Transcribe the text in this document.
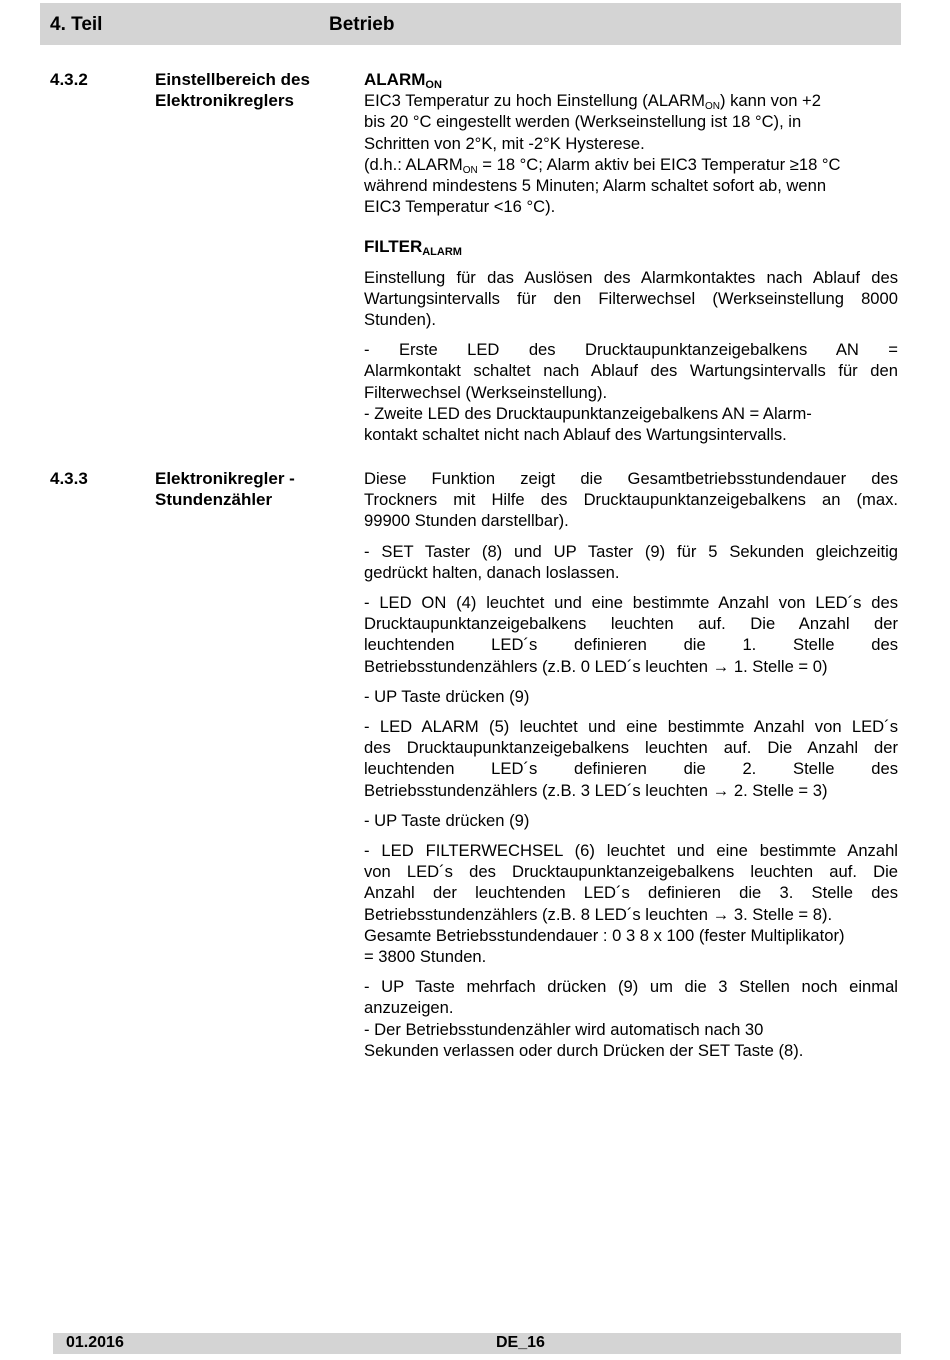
4. Teil	Betrieb
4.3.2	Einstellbereich des
Elektronikreglers

$ALARM_{ON}$

EIC3 Temperatur zu hoch Einstellung $(ALARM_{ON})$ kann von +2

bis 20 °C eingestellt werden (Werkseinstellung ist 18 °C), in

Schritten von 2°K, mit -2°K Hysterese.

(d.h.: $ALARM_{ON} = 18$ °C; Alarm aktiv bei EIC3 Temperatur ≥18 °C

während mindestens 5 Minuten; Alarm schaltet sofort ab, wenn

EIC3 Temperatur <16 °C).

$FILTER_{ALARM}$

Einstellung für das Auslösen des Alarmkontaktes nach Ablauf des

Wartungsintervalls für den Filterwechsel (Werkseinstellung 8000

Stunden).

- Erste LED des Drucktaupunktanzeigebalkens AN =

Alarmkontakt schaltet nach Ablauf des Wartungsintervalls für den

Filterwechsel (Werkseinstellung).

- Zweite LED des Drucktaupunktanzeigebalkens AN = Alarm-

kontakt schaltet nicht nach Ablauf des Wartungsintervalls.

4.3.3	Elektronikregler -
Stundenzähler

Diese Funktion zeigt die Gesamtbetriebsstundendauer des

Trockners mit Hilfe des Drucktaupunktanzeigebalkens an (max.

99900 Stunden darstellbar).

- SET Taster (8) und UP Taster (9) für 5 Sekunden gleichzeitig

gedrückt halten, danach loslassen.

- LED ON (4) leuchtet und eine bestimmte Anzahl von LED´s des

Drucktaupunktanzeigebalkens leuchten auf. Die Anzahl der

leuchtenden LED´s definieren die 1. Stelle des

Betriebsstundenzählers (z.B. 0 LED´s leuchten → 1. Stelle = 0)

- UP Taste drücken (9)

- LED ALARM (5) leuchtet und eine bestimmte Anzahl von LED´s

des Drucktaupunktanzeigebalkens leuchten auf. Die Anzahl der

leuchtenden LED´s definieren die 2. Stelle des

Betriebsstundenzählers (z.B. 3 LED´s leuchten → 2. Stelle = 3)

- UP Taste drücken (9)

- LED FILTERWECHSEL (6) leuchtet und eine bestimmte Anzahl

von LED´s des Drucktaupunktanzeigebalkens leuchten auf. Die

Anzahl der leuchtenden LED´s definieren die 3. Stelle des

Betriebsstundenzählers (z.B. 8 LED´s leuchten → 3. Stelle = 8).

Gesamte Betriebsstundendauer : 0 3 8 x 100 (fester Multiplikator)

= 3800 Stunden.

- UP Taste mehrfach drücken (9) um die 3 Stellen noch einmal

anzuzeigen.

- Der Betriebsstundenzähler wird automatisch nach 30

Sekunden verlassen oder durch Drücken der SET Taste (8).

01.2016	DE_16
